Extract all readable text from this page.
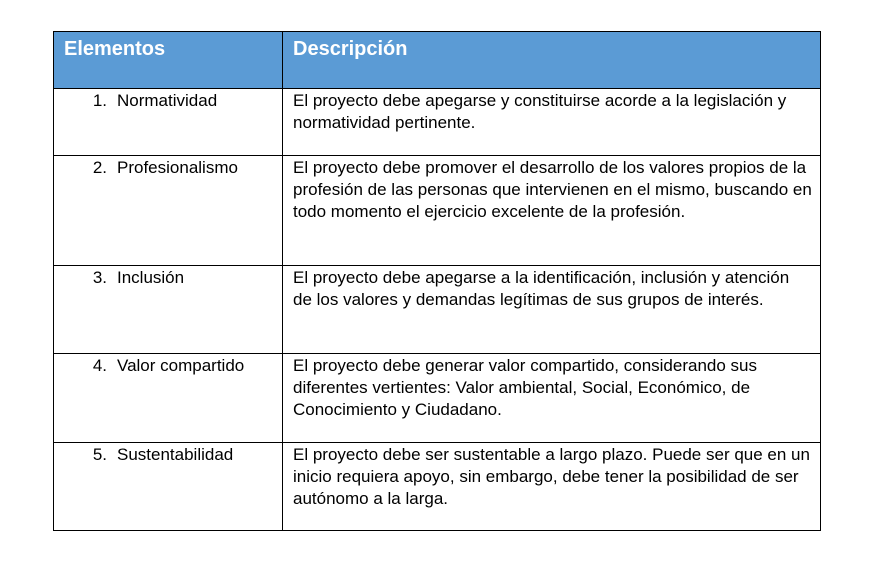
Elementos	Descripción

1. Normatividad	El proyecto debe apegarse y constituirse acorde a la legislación y normatividad pertinente.

2. Profesionalismo	El proyecto debe promover el desarrollo de los valores propios de la profesión de las personas que intervienen en el mismo, buscando en todo momento el ejercicio excelente de la profesión.

3. Inclusión	El proyecto debe apegarse a la identificación, inclusión y atención de los valores y demandas legítimas de sus grupos de interés.

4. Valor compartido	El proyecto debe generar valor compartido, considerando sus diferentes vertientes: Valor ambiental, Social, Económico, de Conocimiento y Ciudadano.

5. Sustentabilidad	El proyecto debe ser sustentable a largo plazo. Puede ser que en un inicio requiera apoyo, sin embargo, debe tener la posibilidad de ser autónomo a la larga.
